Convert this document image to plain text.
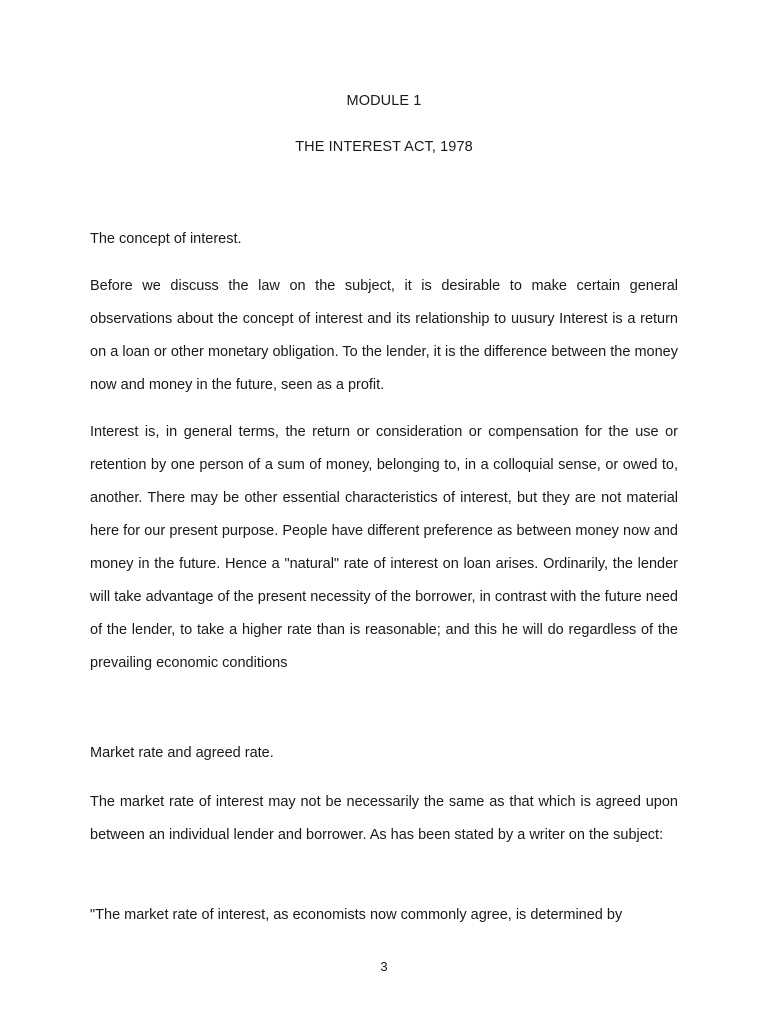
MODULE 1
THE INTEREST ACT, 1978
The concept of interest.

Before we discuss the law on the subject, it is desirable to make certain general observations about the concept of interest and its relationship to uusury Interest is a return on a loan or other monetary obligation. To the lender, it is the difference between the money now and money in the future, seen as a profit.

Interest is, in general terms, the return or consideration or compensation for the use or retention by one person of a sum of money, belonging to, in a colloquial sense, or owed to, another. There may be other essential characteristics of interest, but they are not material here for our present purpose. People have different preference as between money now and money in the future. Hence a "natural" rate of interest on loan arises. Ordinarily, the lender will take advantage of the present necessity of the borrower, in contrast with the future need of the lender, to take a higher rate than is reasonable; and this he will do regardless of the prevailing economic conditions

Market rate and agreed rate.

The market rate of interest may not be necessarily the same as that which is agreed upon between an individual lender and borrower. As has been stated by a writer on the subject:

"The market rate of interest, as economists now commonly agree, is determined by

3
